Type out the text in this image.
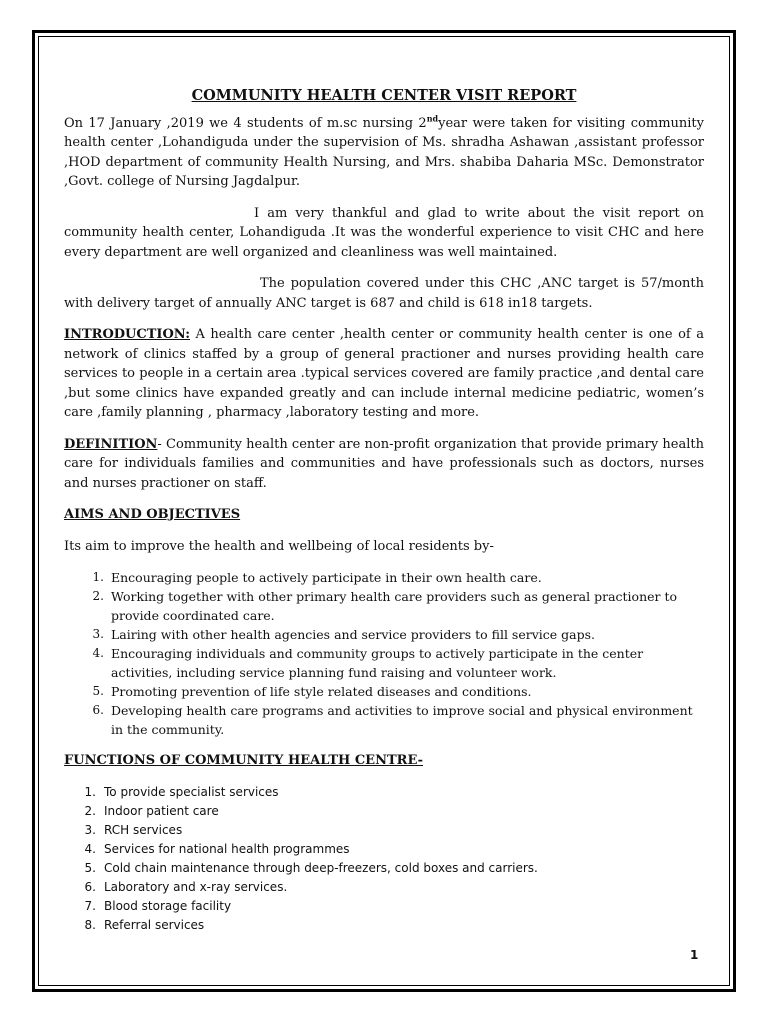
COMMUNITY HEALTH CENTER VISIT REPORT

On 17 January ,2019 we 4 students of m.sc nursing 2ndyear were taken for visiting community health center ,Lohandiguda under the supervision of Ms. shradha Ashawan ,assistant professor ,HOD department of community Health Nursing, and Mrs. shabiba Daharia MSc. Demonstrator ,Govt. college of Nursing Jagdalpur.

I am very thankful and glad to write about the visit report on community health center, Lohandiguda .It was the wonderful experience to visit CHC and here every department are well organized and cleanliness was well maintained.

The population covered under this CHC ,ANC target is 57/month with delivery target of annually ANC target is 687 and child is 618 in18 targets.

INTRODUCTION: A health care center ,health center or community health center is one of a network of clinics staffed by a group of general practioner and nurses providing health care services to people in a certain area .typical services covered are family practice ,and dental care ,but some clinics have expanded greatly and can include internal medicine pediatric, women’s care ,family planning , pharmacy ,laboratory testing and more.

DEFINITION- Community health center are non-profit organization that provide primary health care for individuals families and communities and have professionals such as doctors, nurses and nurses practioner on staff.

AIMS AND OBJECTIVES

Its aim to improve the health and wellbeing of local residents by-

1. Encouraging people to actively participate in their own health care.
2. Working together with other primary health care providers such as general practioner to provide coordinated care.
3. Lairing with other health agencies and service providers to fill service gaps.
4. Encouraging individuals and community groups to actively participate in the center activities, including service planning fund raising and volunteer work.
5. Promoting prevention of life style related diseases and conditions.
6. Developing health care programs and activities to improve social and physical environment in the community.
FUNCTIONS OF COMMUNITY HEALTH CENTRE-
1. To provide specialist services
2. Indoor patient care
3. RCH services
4. Services for national health programmes
5. Cold chain maintenance through deep-freezers, cold boxes and carriers.
6. Laboratory and x-ray services.
7. Blood storage facility
8. Referral services
1
